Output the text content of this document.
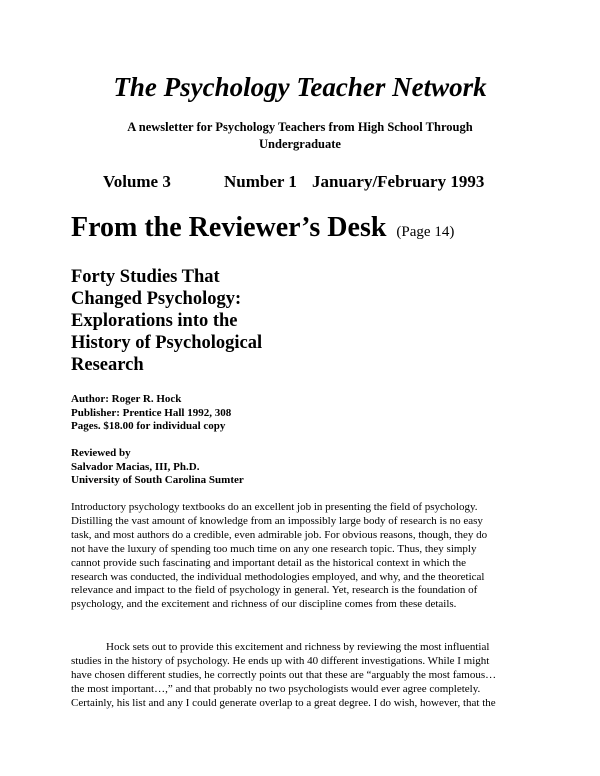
The Psychology Teacher Network
A newsletter for Psychology Teachers from High School Through
Undergraduate
Volume 3	Number 1 January/February 1993
From the Reviewer’s Desk (Page 14)
Forty Studies That
Changed Psychology:
Explorations into the
History of Psychological
Research
Author: Roger R. Hock
Publisher: Prentice Hall 1992, 308
Pages. $18.00 for individual copy
Reviewed by
Salvador Macias, III, Ph.D.
University of South Carolina Sumter
Introductory psychology textbooks do an excellent job in presenting the field of psychology.
Distilling the vast amount of knowledge from an impossibly large body of research is no easy
task, and most authors do a credible, even admirable job. For obvious reasons, though, they do
not have the luxury of spending too much time on any one research topic. Thus, they simply
cannot provide such fascinating and important detail as the historical context in which the
research was conducted, the individual methodologies employed, and why, and the theoretical
relevance and impact to the field of psychology in general. Yet, research is the foundation of
psychology, and the excitement and richness of our discipline comes from these details.
Hock sets out to provide this excitement and richness by reviewing the most influential
studies in the history of psychology. He ends up with 40 different investigations. While I might
have chosen different studies, he correctly points out that these are “arguably the most famous…
the most important…,” and that probably no two psychologists would ever agree completely.
Certainly, his list and any I could generate overlap to a great degree. I do wish, however, that the
